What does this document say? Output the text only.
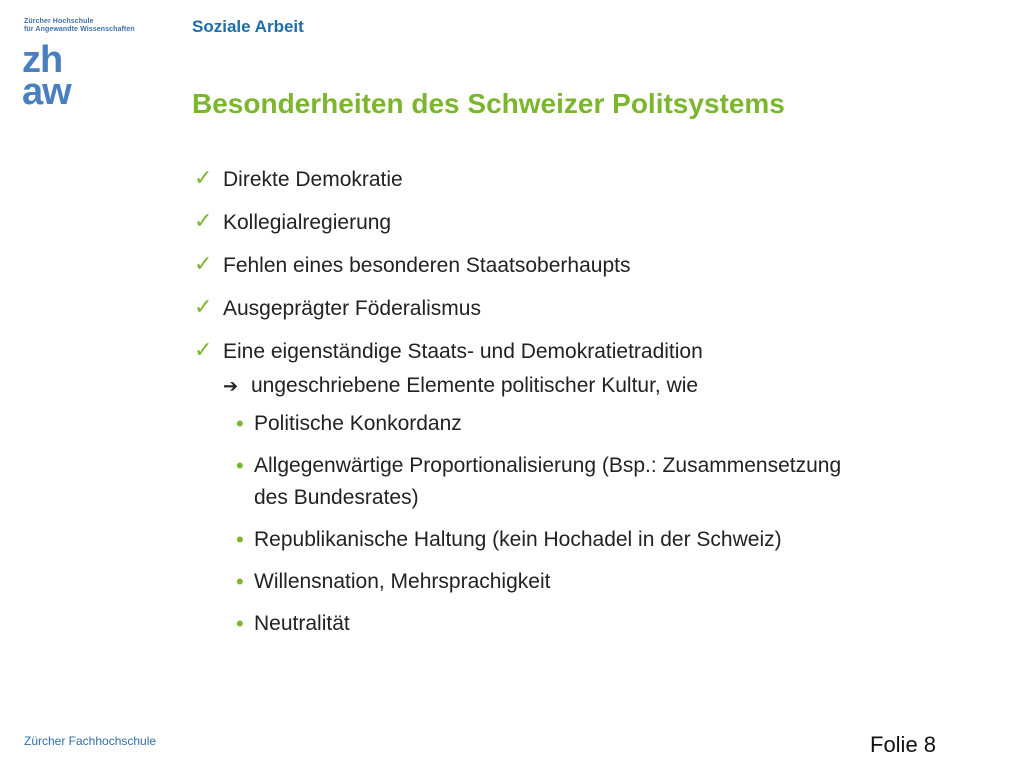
Zürcher Hochschule
für Angewandte Wissenschaften
zh
aw
Soziale Arbeit
Besonderheiten des Schweizer Politsystems
✓ Direkte Demokratie
✓ Kollegialregierung
✓ Fehlen eines besonderen Staatsoberhaupts
✓ Ausgeprägter Föderalismus
✓ Eine eigenständige Staats- und Demokratietradition
➔ ungeschriebene Elemente politischer Kultur, wie
• Politische Konkordanz
• Allgegenwärtige Proportionalisierung (Bsp.: Zusammensetzung
des Bundesrates)
• Republikanische Haltung (kein Hochadel in der Schweiz)
• Willensnation, Mehrsprachigkeit
• Neutralität
Zürcher Fachhochschule	Folie 8
